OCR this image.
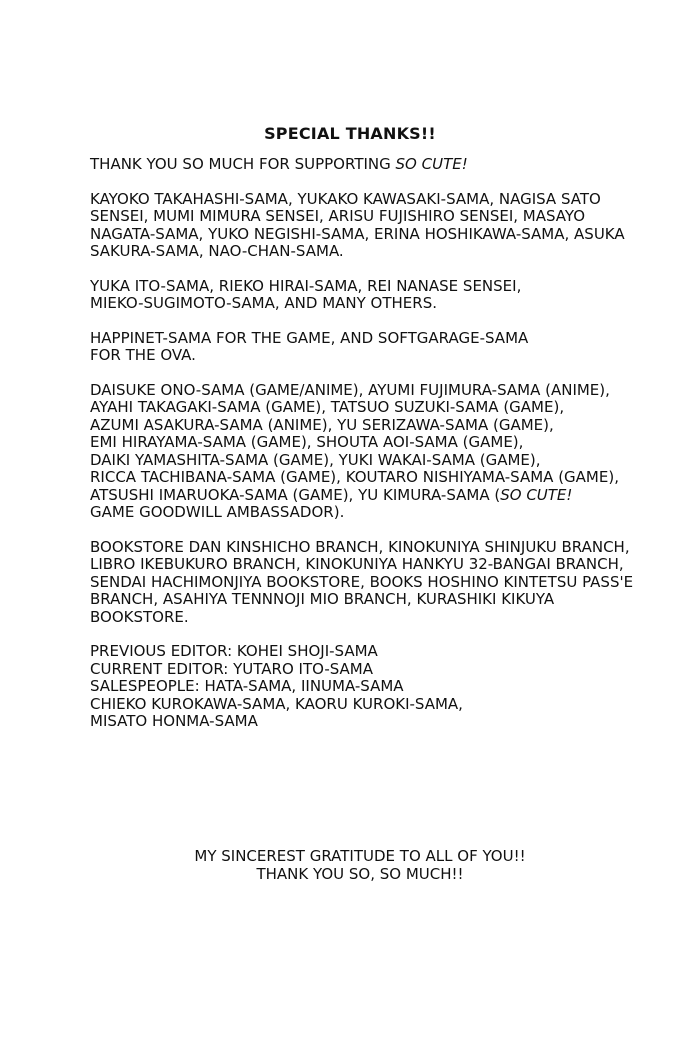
SPECIAL THANKS!!

THANK YOU SO MUCH FOR SUPPORTING SO CUTE!

KAYOKO TAKAHASHI-SAMA, YUKAKO KAWASAKI-SAMA, NAGISA SATO
SENSEI, MUMI MIMURA SENSEI, ARISU FUJISHIRO SENSEI, MASAYO
NAGATA-SAMA, YUKO NEGISHI-SAMA, ERINA HOSHIKAWA-SAMA, ASUKA
SAKURA-SAMA, NAO-CHAN-SAMA.

YUKA ITO-SAMA, RIEKO HIRAI-SAMA, REI NANASE SENSEI,
MIEKO-SUGIMOTO-SAMA, AND MANY OTHERS.

HAPPINET-SAMA FOR THE GAME, AND SOFTGARAGE-SAMA
FOR THE OVA.

DAISUKE ONO-SAMA (GAME/ANIME), AYUMI FUJIMURA-SAMA (ANIME),
AYAHI TAKAGAKI-SAMA (GAME), TATSUO SUZUKI-SAMA (GAME),
AZUMI ASAKURA-SAMA (ANIME), YU SERIZAWA-SAMA (GAME),
EMI HIRAYAMA-SAMA (GAME), SHOUTA AOI-SAMA (GAME),
DAIKI YAMASHITA-SAMA (GAME), YUKI WAKAI-SAMA (GAME),
RICCA TACHIBANA-SAMA (GAME), KOUTARO NISHIYAMA-SAMA (GAME),
ATSUSHI IMARUOKA-SAMA (GAME), YU KIMURA-SAMA (SO CUTE!
GAME GOODWILL AMBASSADOR).

BOOKSTORE DAN KINSHICHO BRANCH, KINOKUNIYA SHINJUKU BRANCH,
LIBRO IKEBUKURO BRANCH, KINOKUNIYA HANKYU 32-BANGAI BRANCH,
SENDAI HACHIMONJIYA BOOKSTORE, BOOKS HOSHINO KINTETSU PASS'E
BRANCH, ASAHIYA TENNNOJI MIO BRANCH, KURASHIKI KIKUYA
BOOKSTORE.

PREVIOUS EDITOR: KOHEI SHOJI-SAMA
CURRENT EDITOR: YUTARO ITO-SAMA
SALESPEOPLE: HATA-SAMA, IINUMA-SAMA
CHIEKO KUROKAWA-SAMA, KAORU KUROKI-SAMA,
MISATO HONMA-SAMA

MY SINCEREST GRATITUDE TO ALL OF YOU!!
THANK YOU SO, SO MUCH!!
